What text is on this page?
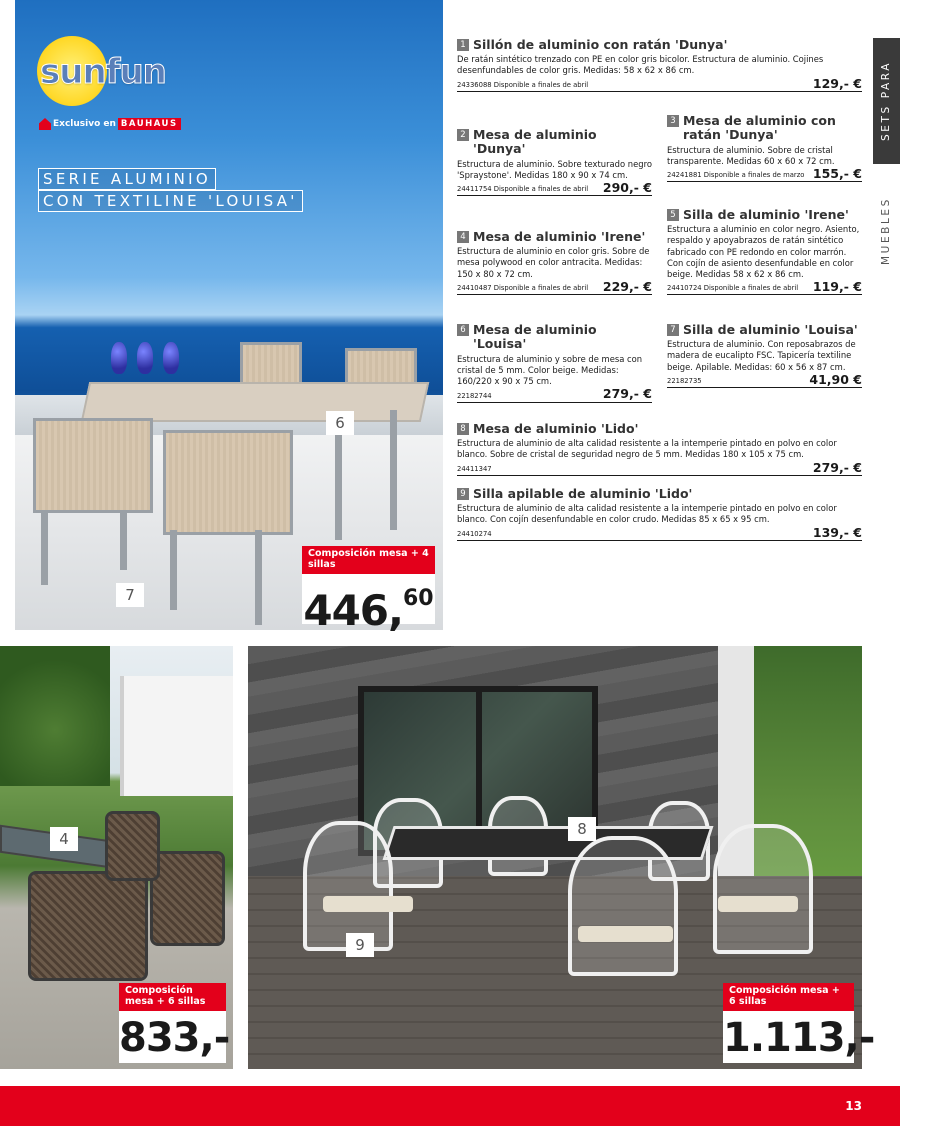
sunfun
Exclusivo en BAUHAUS
SERIE ALUMINIO
CON TEXTILINE 'LOUISA'
6
7
Composición mesa + 4 sillas
446,60
SETS PARA COMER
MUEBLES
1 Sillón de aluminio con ratán 'Dunya'
De ratán sintético trenzado con PE en color gris bicolor. Estructura de aluminio. Cojines desenfundables de color gris. Medidas: 58 x 62 x 86 cm.
24336088 Disponible a finales de abril	129,- €
2 Mesa de aluminio 'Dunya'
Estructura de aluminio. Sobre texturado negro 'Spraystone'. Medidas 180 x 90 x 74 cm.
24411754 Disponible a finales de abril 290,- €
3 Mesa de aluminio con ratán 'Dunya'
Estructura de aluminio. Sobre de cristal transparente. Medidas 60 x 60 x 72 cm.
24241881 Disponible a finales de marzo 155,- €
4 Mesa de aluminio 'Irene'
Estructura de aluminio en color gris. Sobre de mesa polywood en color antracita. Medidas: 150 x 80 x 72 cm.
24410487 Disponible a finales de abril 229,- €
5 Silla de aluminio 'Irene'
Estructura a aluminio en color negro. Asiento, respaldo y apoyabrazos de ratán sintético fabricado con PE redondo en color marrón. Con cojín de asiento desenfundable en color beige. Medidas 58 x 62 x 86 cm.
24410724 Disponible a finales de abril 119,- €
6 Mesa de aluminio 'Louisa'
Estructura de aluminio y sobre de mesa con cristal de 5 mm. Color beige. Medidas: 160/220 x 90 x 75 cm.
22182744	279,- €
7 Silla de aluminio 'Louisa'
Estructura de aluminio. Con reposabrazos de madera de eucalipto FSC. Tapicería textiline beige. Apilable. Medidas: 60 x 56 x 87 cm.
22182735	41,90 €
8 Mesa de aluminio 'Lido'
Estructura de aluminio de alta calidad resistente a la intemperie pintado en polvo en color blanco. Sobre de cristal de seguridad negro de 5 mm. Medidas 180 x 105 x 75 cm.
24411347	279,- €
9 Silla apilable de aluminio 'Lido'
Estructura de aluminio de alta calidad resistente a la intemperie pintado en polvo en color blanco. Con cojín desenfundable en color crudo. Medidas 85 x 65 x 95 cm.
24410274	139,- €
4
Composición mesa + 6 sillas
833,-
8
9
Composición mesa + 6 sillas
1.113,-
13
